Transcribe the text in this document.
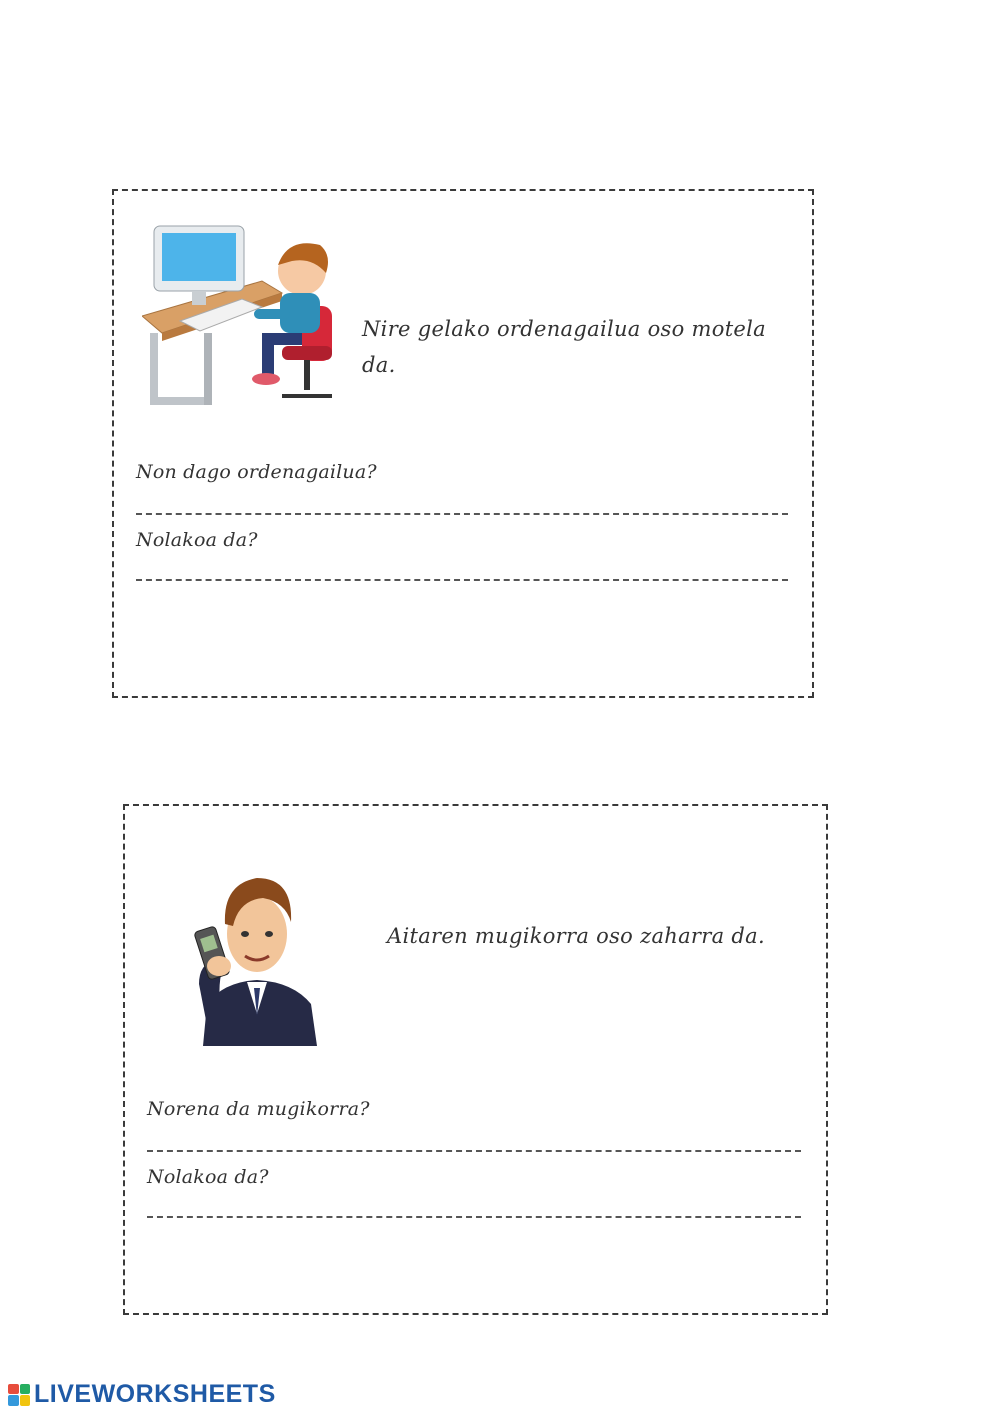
Nire gelako ordenagailua oso motela da.
Non dago ordenagailua?
Nolakoa da?
Aitaren mugikorra oso zaharra da.
Norena da mugikorra?
Nolakoa da?
LIVEWORKSHEETS
